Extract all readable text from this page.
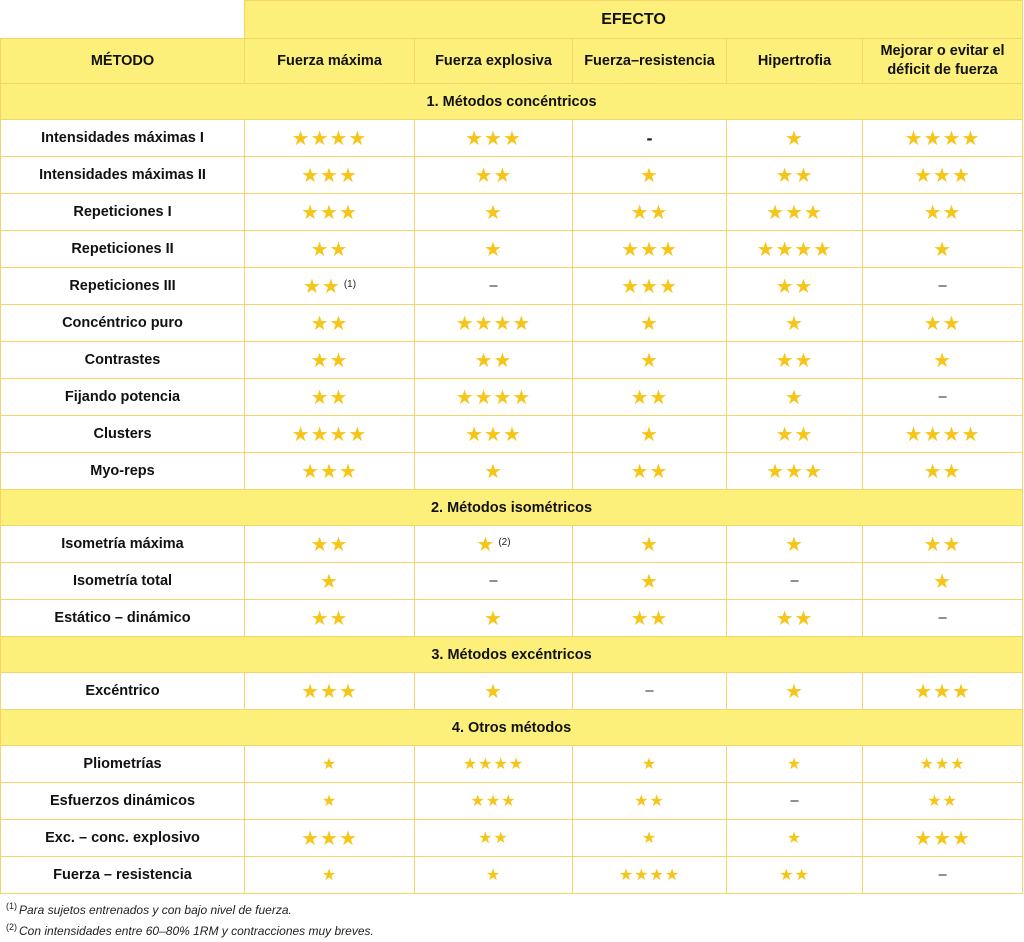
	EFECTO				
MÉTODO	Fuerza máxima	Fuerza explosiva	Fuerza–resistencia	Hipertrofia	Mejorar o evitar el déficit de fuerza
1. Métodos concéntricos					
Intensidades máximas I	★★★★	★★★	-	★	★★★★
Intensidades máximas II	★★★	★★	★	★★	★★★
Repeticiones I	★★★	★	★★	★★★	★★
Repeticiones II	★★	★	★★★	★★★★	★
Repeticiones III	★★ $^{(1)}$	–	★★★	★★	–
Concéntrico puro	★★	★★★★	★	★	★★
Contrastes	★★	★★	★	★★	★
Fijando potencia	★★	★★★★	★★	★	–
Clusters	★★★★	★★★	★	★★	★★★★
Myo-reps	★★★	★	★★	★★★	★★
2. Métodos isométricos					
Isometría máxima	★★	★ $^{(2)}$	★	★	★★
Isometría total	★	–	★	–	★
Estático – dinámico	★★	★	★★	★★	–
3. Métodos excéntricos					
Excéntrico	★★★	★	–	★	★★★
4. Otros métodos					
Pliometrías	★	★★★★	★	★	★★★
Esfuerzos dinámicos	★	★★★	★★	–	★★
Exc. – conc. explosivo	★★★	★★	★	★	★★★
Fuerza – resistencia	★	★	★★★★	★★	–
$^{(1)}$ Para sujetos entrenados y con bajo nivel de fuerza.
$^{(2)}$ Con intensidades entre 60–80% 1RM y contracciones muy breves.
